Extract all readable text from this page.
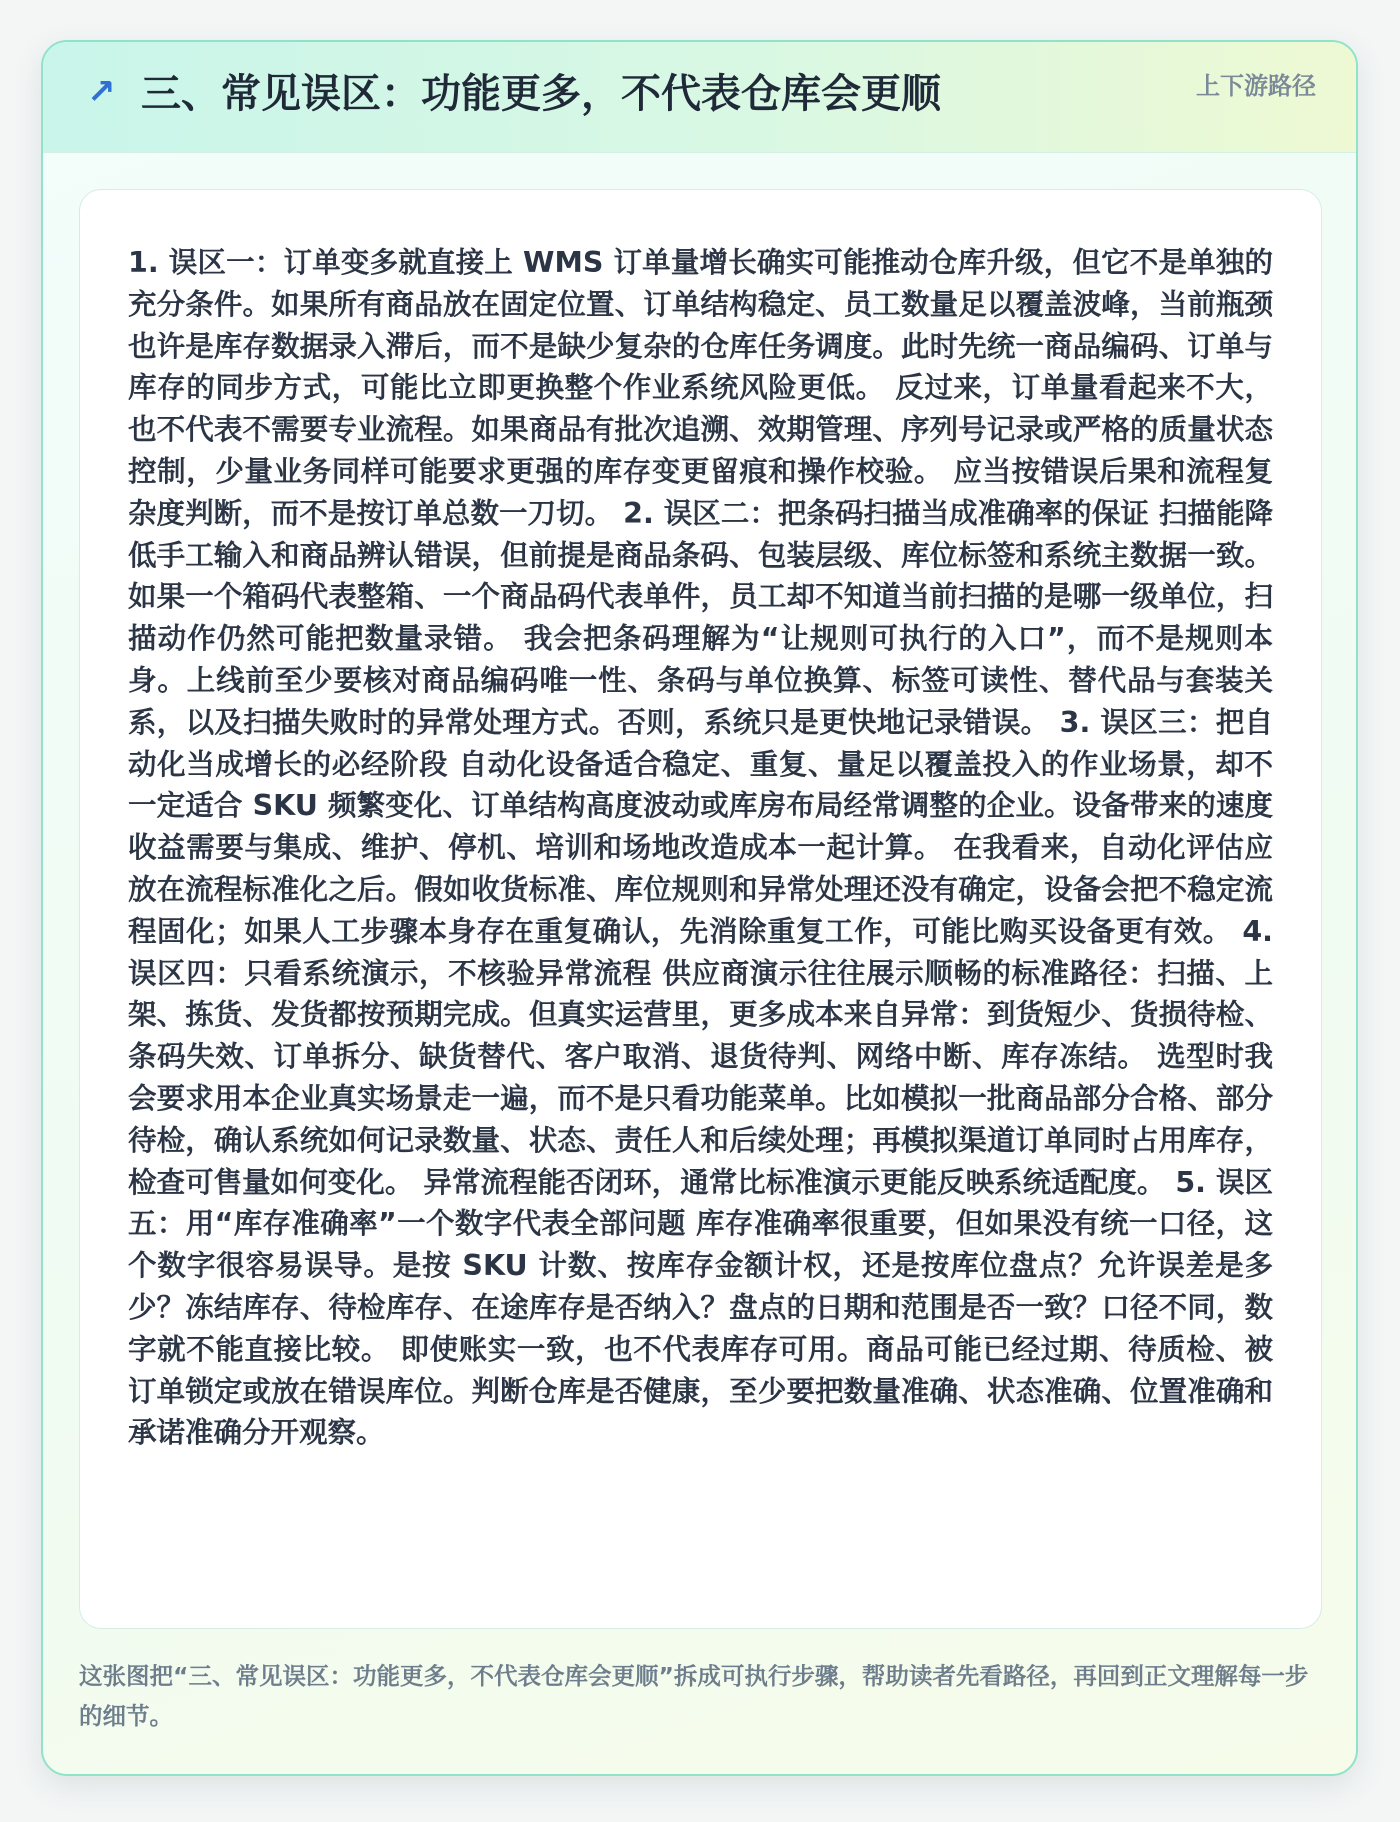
↗ 三、常见误区：功能更多，不代表仓库会更顺	上下游路径

1. 误区一：订单变多就直接上 WMS 订单量增长确实可能推动仓库升级，但它不是单独的充分条件。如果所有商品放在固定位置、订单结构稳定、员工数量足以覆盖波峰，当前瓶颈也许是库存数据录入滞后，而不是缺少复杂的仓库任务调度。此时先统一商品编码、订单与库存的同步方式，可能比立即更换整个作业系统风险更低。 反过来，订单量看起来不大，也不代表不需要专业流程。如果商品有批次追溯、效期管理、序列号记录或严格的质量状态控制，少量业务同样可能要求更强的库存变更留痕和操作校验。 应当按错误后果和流程复杂度判断，而不是按订单总数一刀切。 2. 误区二：把条码扫描当成准确率的保证 扫描能降低手工输入和商品辨认错误，但前提是商品条码、包装层级、库位标签和系统主数据一致。如果一个箱码代表整箱、一个商品码代表单件，员工却不知道当前扫描的是哪一级单位，扫描动作仍然可能把数量录错。 我会把条码理解为“让规则可执行的入口”，而不是规则本身。上线前至少要核对商品编码唯一性、条码与单位换算、标签可读性、替代品与套装关系，以及扫描失败时的异常处理方式。否则，系统只是更快地记录错误。 3. 误区三：把自动化当成增长的必经阶段 自动化设备适合稳定、重复、量足以覆盖投入的作业场景，却不一定适合 SKU 频繁变化、订单结构高度波动或库房布局经常调整的企业。设备带来的速度收益需要与集成、维护、停机、培训和场地改造成本一起计算。 在我看来，自动化评估应放在流程标准化之后。假如收货标准、库位规则和异常处理还没有确定，设备会把不稳定流程固化；如果人工步骤本身存在重复确认，先消除重复工作，可能比购买设备更有效。 4. 误区四：只看系统演示，不核验异常流程 供应商演示往往展示顺畅的标准路径：扫描、上架、拣货、发货都按预期完成。但真实运营里，更多成本来自异常：到货短少、货损待检、条码失效、订单拆分、缺货替代、客户取消、退货待判、网络中断、库存冻结。 选型时我会要求用本企业真实场景走一遍，而不是只看功能菜单。比如模拟一批商品部分合格、部分待检，确认系统如何记录数量、状态、责任人和后续处理；再模拟渠道订单同时占用库存，检查可售量如何变化。 异常流程能否闭环，通常比标准演示更能反映系统适配度。 5. 误区五：用“库存准确率”一个数字代表全部问题 库存准确率很重要，但如果没有统一口径，这个数字很容易误导。是按 SKU 计数、按库存金额计权，还是按库位盘点？允许误差是多少？冻结库存、待检库存、在途库存是否纳入？盘点的日期和范围是否一致？口径不同，数字就不能直接比较。 即使账实一致，也不代表库存可用。商品可能已经过期、待质检、被订单锁定或放在错误库位。判断仓库是否健康，至少要把数量准确、状态准确、位置准确和承诺准确分开观察。

这张图把“三、常见误区：功能更多，不代表仓库会更顺”拆成可执行步骤，帮助读者先看路径，再回到正文理解每一步的细节。
